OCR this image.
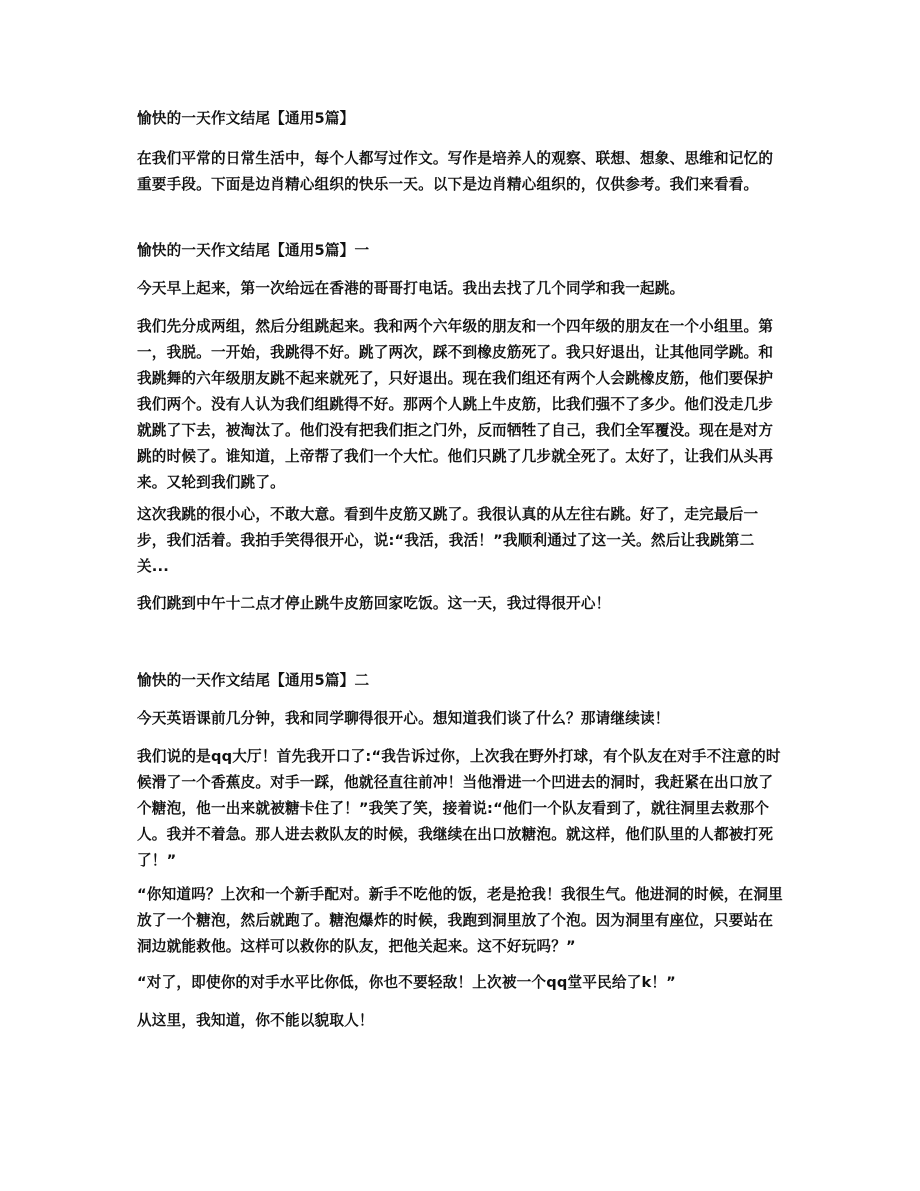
愉快的一天作文结尾【通用5篇】

在我们平常的日常生活中，每个人都写过作文。写作是培养人的观察、联想、想象、思维和记忆的重要手段。下面是边肖精心组织的快乐一天。以下是边肖精心组织的，仅供参考。我们来看看。

愉快的一天作文结尾【通用5篇】一

今天早上起来，第一次给远在香港的哥哥打电话。我出去找了几个同学和我一起跳。

我们先分成两组，然后分组跳起来。我和两个六年级的朋友和一个四年级的朋友在一个小组里。第一，我脱。一开始，我跳得不好。跳了两次，踩不到橡皮筋死了。我只好退出，让其他同学跳。和我跳舞的六年级朋友跳不起来就死了，只好退出。现在我们组还有两个人会跳橡皮筋，他们要保护我们两个。没有人认为我们组跳得不好。那两个人跳上牛皮筋，比我们强不了多少。他们没走几步就跳了下去，被淘汰了。他们没有把我们拒之门外，反而牺牲了自己，我们全军覆没。现在是对方跳的时候了。谁知道，上帝帮了我们一个大忙。他们只跳了几步就全死了。太好了，让我们从头再来。又轮到我们跳了。

这次我跳的很小心，不敢大意。看到牛皮筋又跳了。我很认真的从左往右跳。好了，走完最后一步，我们活着。我拍手笑得很开心，说:“我活，我活！”我顺利通过了这一关。然后让我跳第二关...

我们跳到中午十二点才停止跳牛皮筋回家吃饭。这一天，我过得很开心！

愉快的一天作文结尾【通用5篇】二

今天英语课前几分钟，我和同学聊得很开心。想知道我们谈了什么？那请继续读！

我们说的是qq大厅！首先我开口了:“我告诉过你，上次我在野外打球，有个队友在对手不注意的时候滑了一个香蕉皮。对手一踩，他就径直往前冲！当他滑进一个凹进去的洞时，我赶紧在出口放了个糖泡，他一出来就被糖卡住了！”我笑了笑，接着说:“他们一个队友看到了，就往洞里去救那个人。我并不着急。那人进去救队友的时候，我继续在出口放糖泡。就这样，他们队里的人都被打死了！”

“你知道吗？上次和一个新手配对。新手不吃他的饭，老是抢我！我很生气。他进洞的时候，在洞里放了一个糖泡，然后就跑了。糖泡爆炸的时候，我跑到洞里放了个泡。因为洞里有座位，只要站在洞边就能救他。这样可以救你的队友，把他关起来。这不好玩吗？”

“对了，即使你的对手水平比你低，你也不要轻敌！上次被一个qq堂平民给了k！”

从这里，我知道，你不能以貌取人！
